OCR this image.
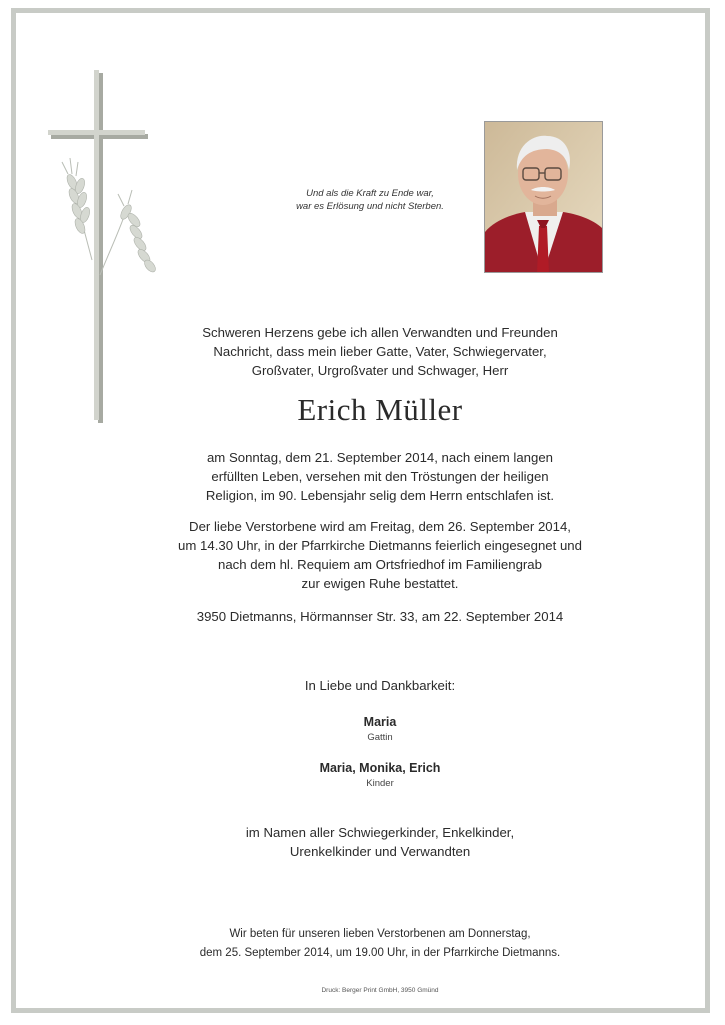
Und als die Kraft zu Ende war,
war es Erlösung und nicht Sterben.
Schweren Herzens gebe ich allen Verwandten und Freunden
Nachricht, dass mein lieber Gatte, Vater, Schwiegervater,
Großvater, Urgroßvater und Schwager, Herr
Erich Müller
am Sonntag, dem 21. September 2014, nach einem langen
erfüllten Leben, versehen mit den Tröstungen der heiligen
Religion, im 90. Lebensjahr selig dem Herrn entschlafen ist.
Der liebe Verstorbene wird am Freitag, dem 26. September 2014,
um 14.30 Uhr, in der Pfarrkirche Dietmanns feierlich eingesegnet und
nach dem hl. Requiem am Ortsfriedhof im Familiengrab
zur ewigen Ruhe bestattet.
3950 Dietmanns, Hörmannser Str. 33, am 22. September 2014
In Liebe und Dankbarkeit:
Maria
Gattin
Maria, Monika, Erich
Kinder
im Namen aller Schwiegerkinder, Enkelkinder,
Urenkelkinder und Verwandten
Wir beten für unseren lieben Verstorbenen am Donnerstag,
dem 25. September 2014, um 19.00 Uhr, in der Pfarrkirche Dietmanns.
Druck: Berger Print GmbH, 3950 Gmünd
